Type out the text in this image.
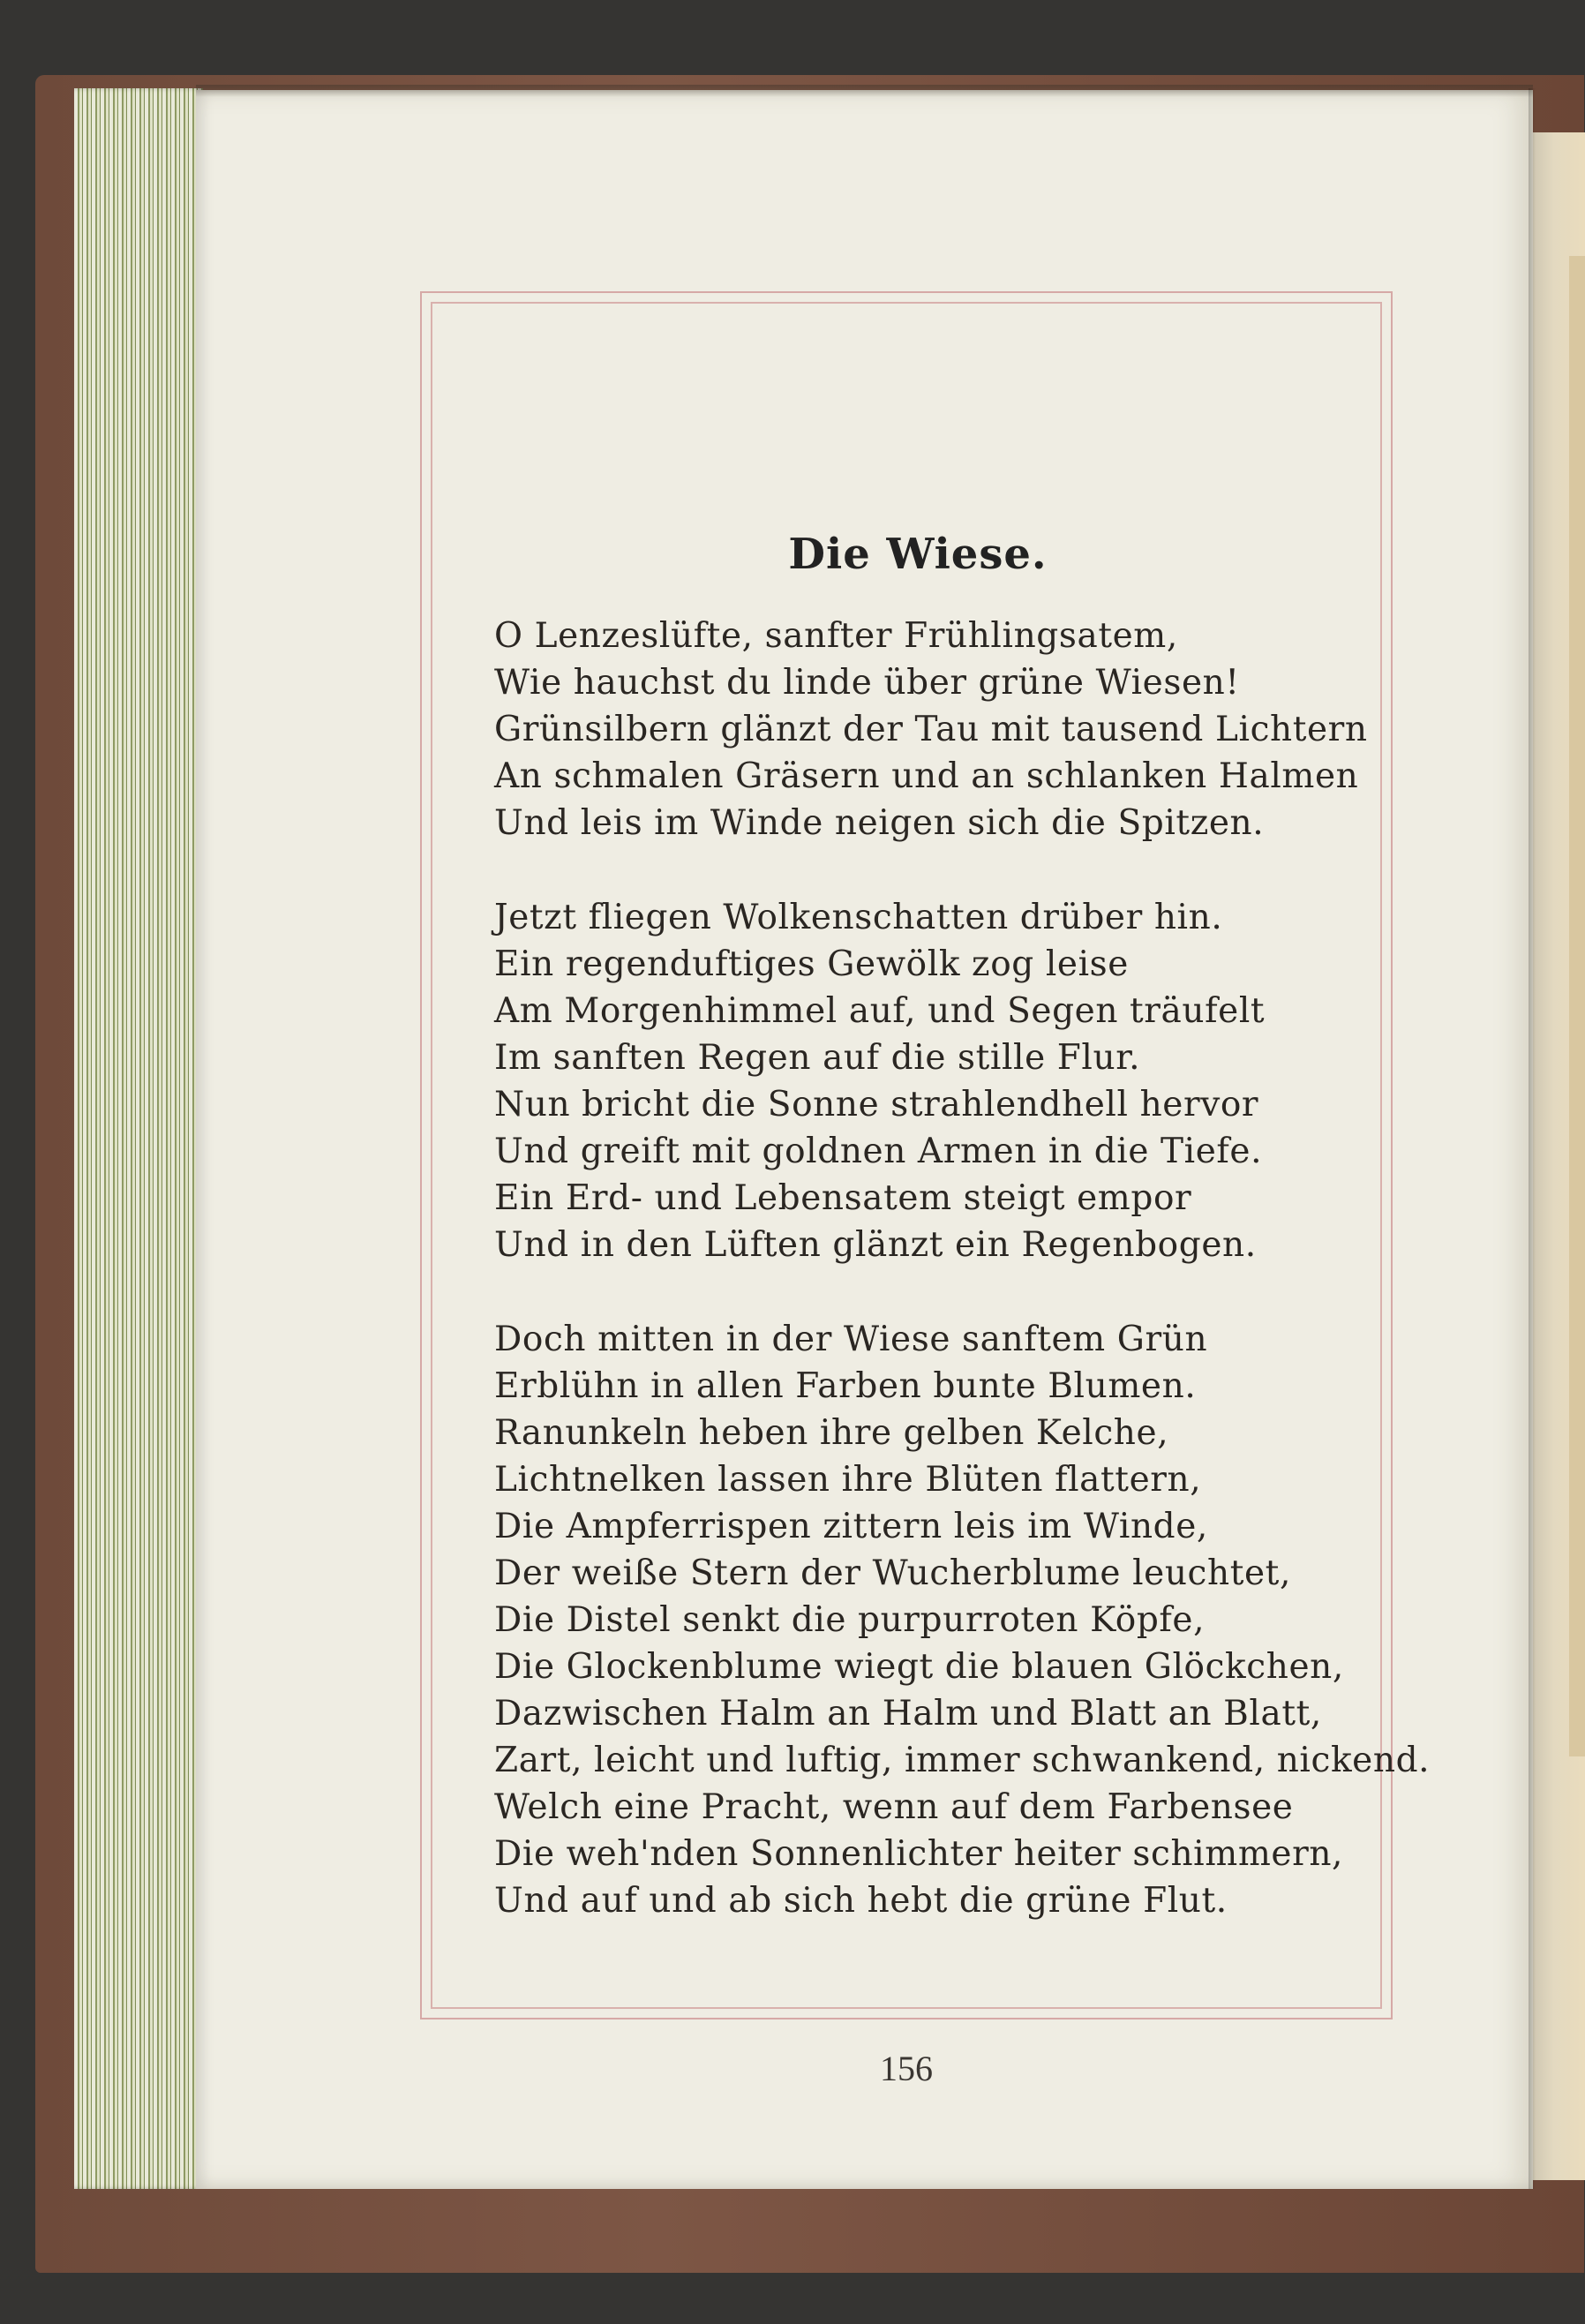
Die Wiese.
O Lenzeslüfte, sanfter Frühlingsatem,
Wie hauchst du linde über grüne Wiesen!
Grünsilbern glänzt der Tau mit tausend Lichtern
An schmalen Gräsern und an schlanken Halmen
Und leis im Winde neigen sich die Spitzen.
Jetzt fliegen Wolkenschatten drüber hin.
Ein regenduftiges Gewölk zog leise
Am Morgenhimmel auf, und Segen träufelt
Im sanften Regen auf die stille Flur.
Nun bricht die Sonne strahlendhell hervor
Und greift mit goldnen Armen in die Tiefe.
Ein Erd- und Lebensatem steigt empor
Und in den Lüften glänzt ein Regenbogen.
Doch mitten in der Wiese sanftem Grün
Erblühn in allen Farben bunte Blumen.
Ranunkeln heben ihre gelben Kelche,
Lichtnelken lassen ihre Blüten flattern,
Die Ampferrispen zittern leis im Winde,
Der weiße Stern der Wucherblume leuchtet,
Die Distel senkt die purpurroten Köpfe,
Die Glockenblume wiegt die blauen Glöckchen,
Dazwischen Halm an Halm und Blatt an Blatt,
Zart, leicht und luftig, immer schwankend, nickend.
Welch eine Pracht, wenn auf dem Farbensee
Die weh'nden Sonnenlichter heiter schimmern,
Und auf und ab sich hebt die grüne Flut.
156
